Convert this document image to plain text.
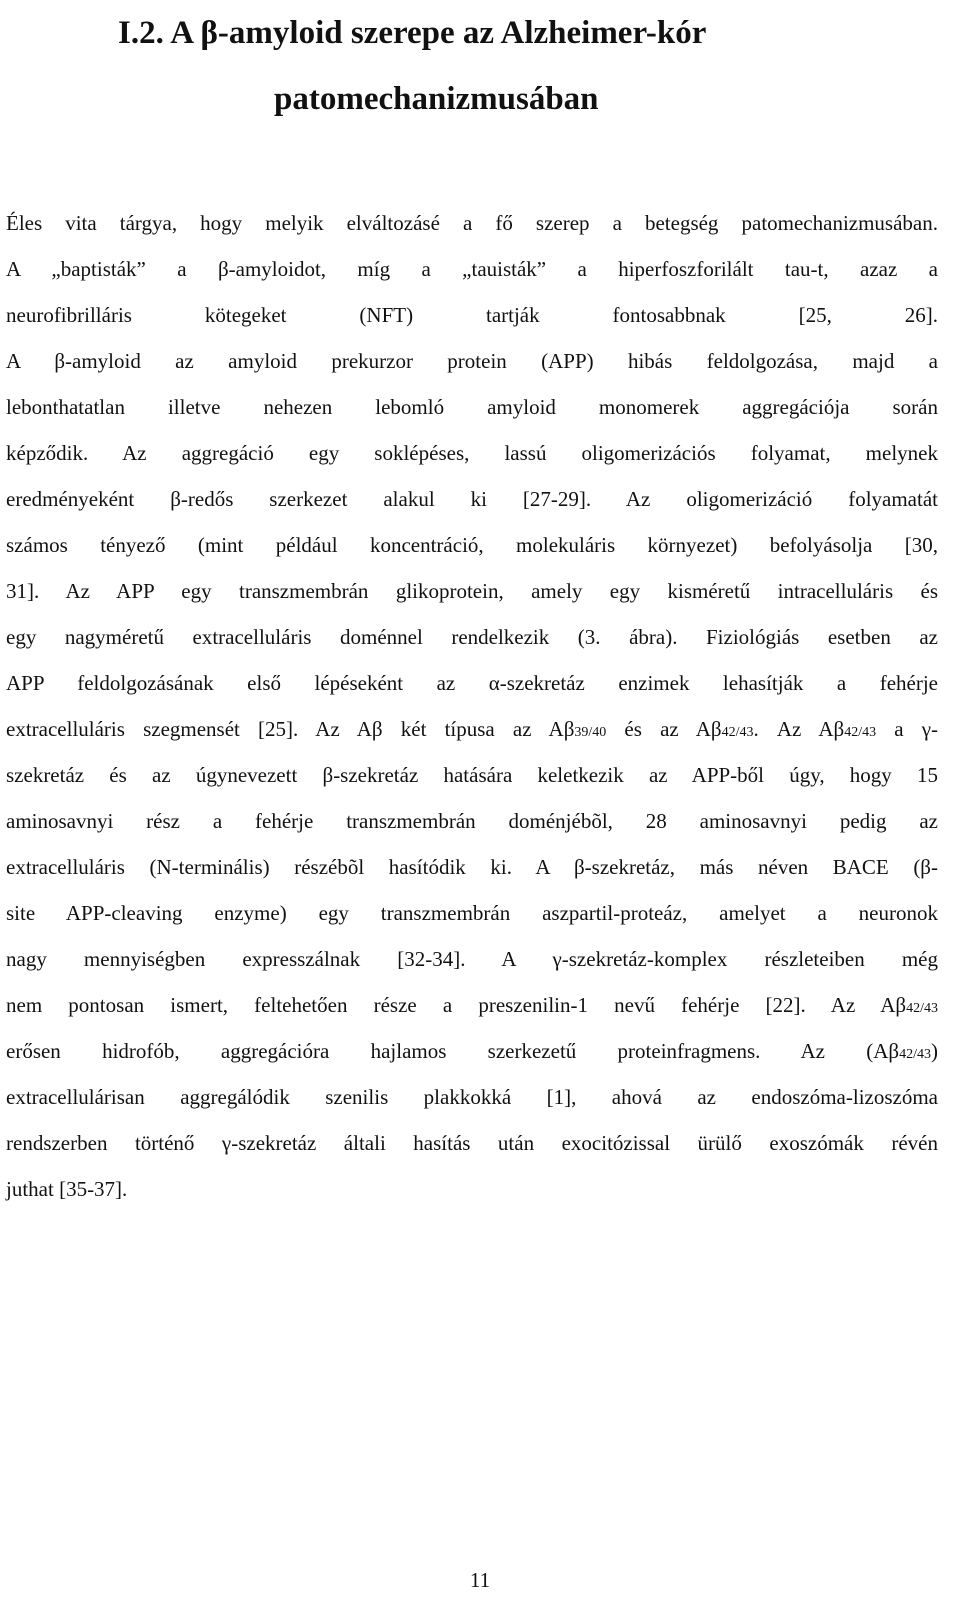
I.2. A β-amyloid szerepe az Alzheimer-kór
patomechanizmusában
Éles vita tárgya, hogy melyik elváltozásé a fő szerep a betegség patomechanizmusában.
A „baptisták” a β-amyloidot, míg a „tauisták” a hiperfoszforilált tau-t, azaz a
neurofibrilláris kötegeket (NFT) tartják fontosabbnak [25, 26].
A β-amyloid az amyloid prekurzor protein (APP) hibás feldolgozása, majd a
lebonthatatlan illetve nehezen lebomló amyloid monomerek aggregációja során
képződik. Az aggregáció egy soklépéses, lassú oligomerizációs folyamat, melynek
eredményeként β-redős szerkezet alakul ki [27-29]. Az oligomerizáció folyamatát
számos tényező (mint például koncentráció, molekuláris környezet) befolyásolja [30,
31]. Az APP egy transzmembrán glikoprotein, amely egy kisméretű intracelluláris és
egy nagyméretű extracelluláris doménnel rendelkezik (3. ábra). Fiziológiás esetben az
APP feldolgozásának első lépéseként az α-szekretáz enzimek lehasítják a fehérje
extracelluláris szegmensét [25]. Az Aβ két típusa az Aβ39/40 és az Aβ42/43. Az Aβ42/43 a γ-
szekretáz és az úgynevezett β-szekretáz hatására keletkezik az APP-ből úgy, hogy 15
aminosavnyi rész a fehérje transzmembrán doménjébõl, 28 aminosavnyi pedig az
extracelluláris (N-terminális) részébõl hasítódik ki. A β-szekretáz, más néven BACE (β-
site APP-cleaving enzyme) egy transzmembrán aszpartil-proteáz, amelyet a neuronok
nagy mennyiségben expresszálnak [32-34]. A γ-szekretáz-komplex részleteiben még
nem pontosan ismert, feltehetően része a preszenilin-1 nevű fehérje [22]. Az Aβ42/43
erősen hidrofób, aggregációra hajlamos szerkezetű proteinfragmens. Az (Aβ42/43)
extracellulárisan aggregálódik szenilis plakkokká [1], ahová az endoszóma-lizoszóma
rendszerben történő γ-szekretáz általi hasítás után exocitózissal ürülő exoszómák révén
juthat [35-37].
11
